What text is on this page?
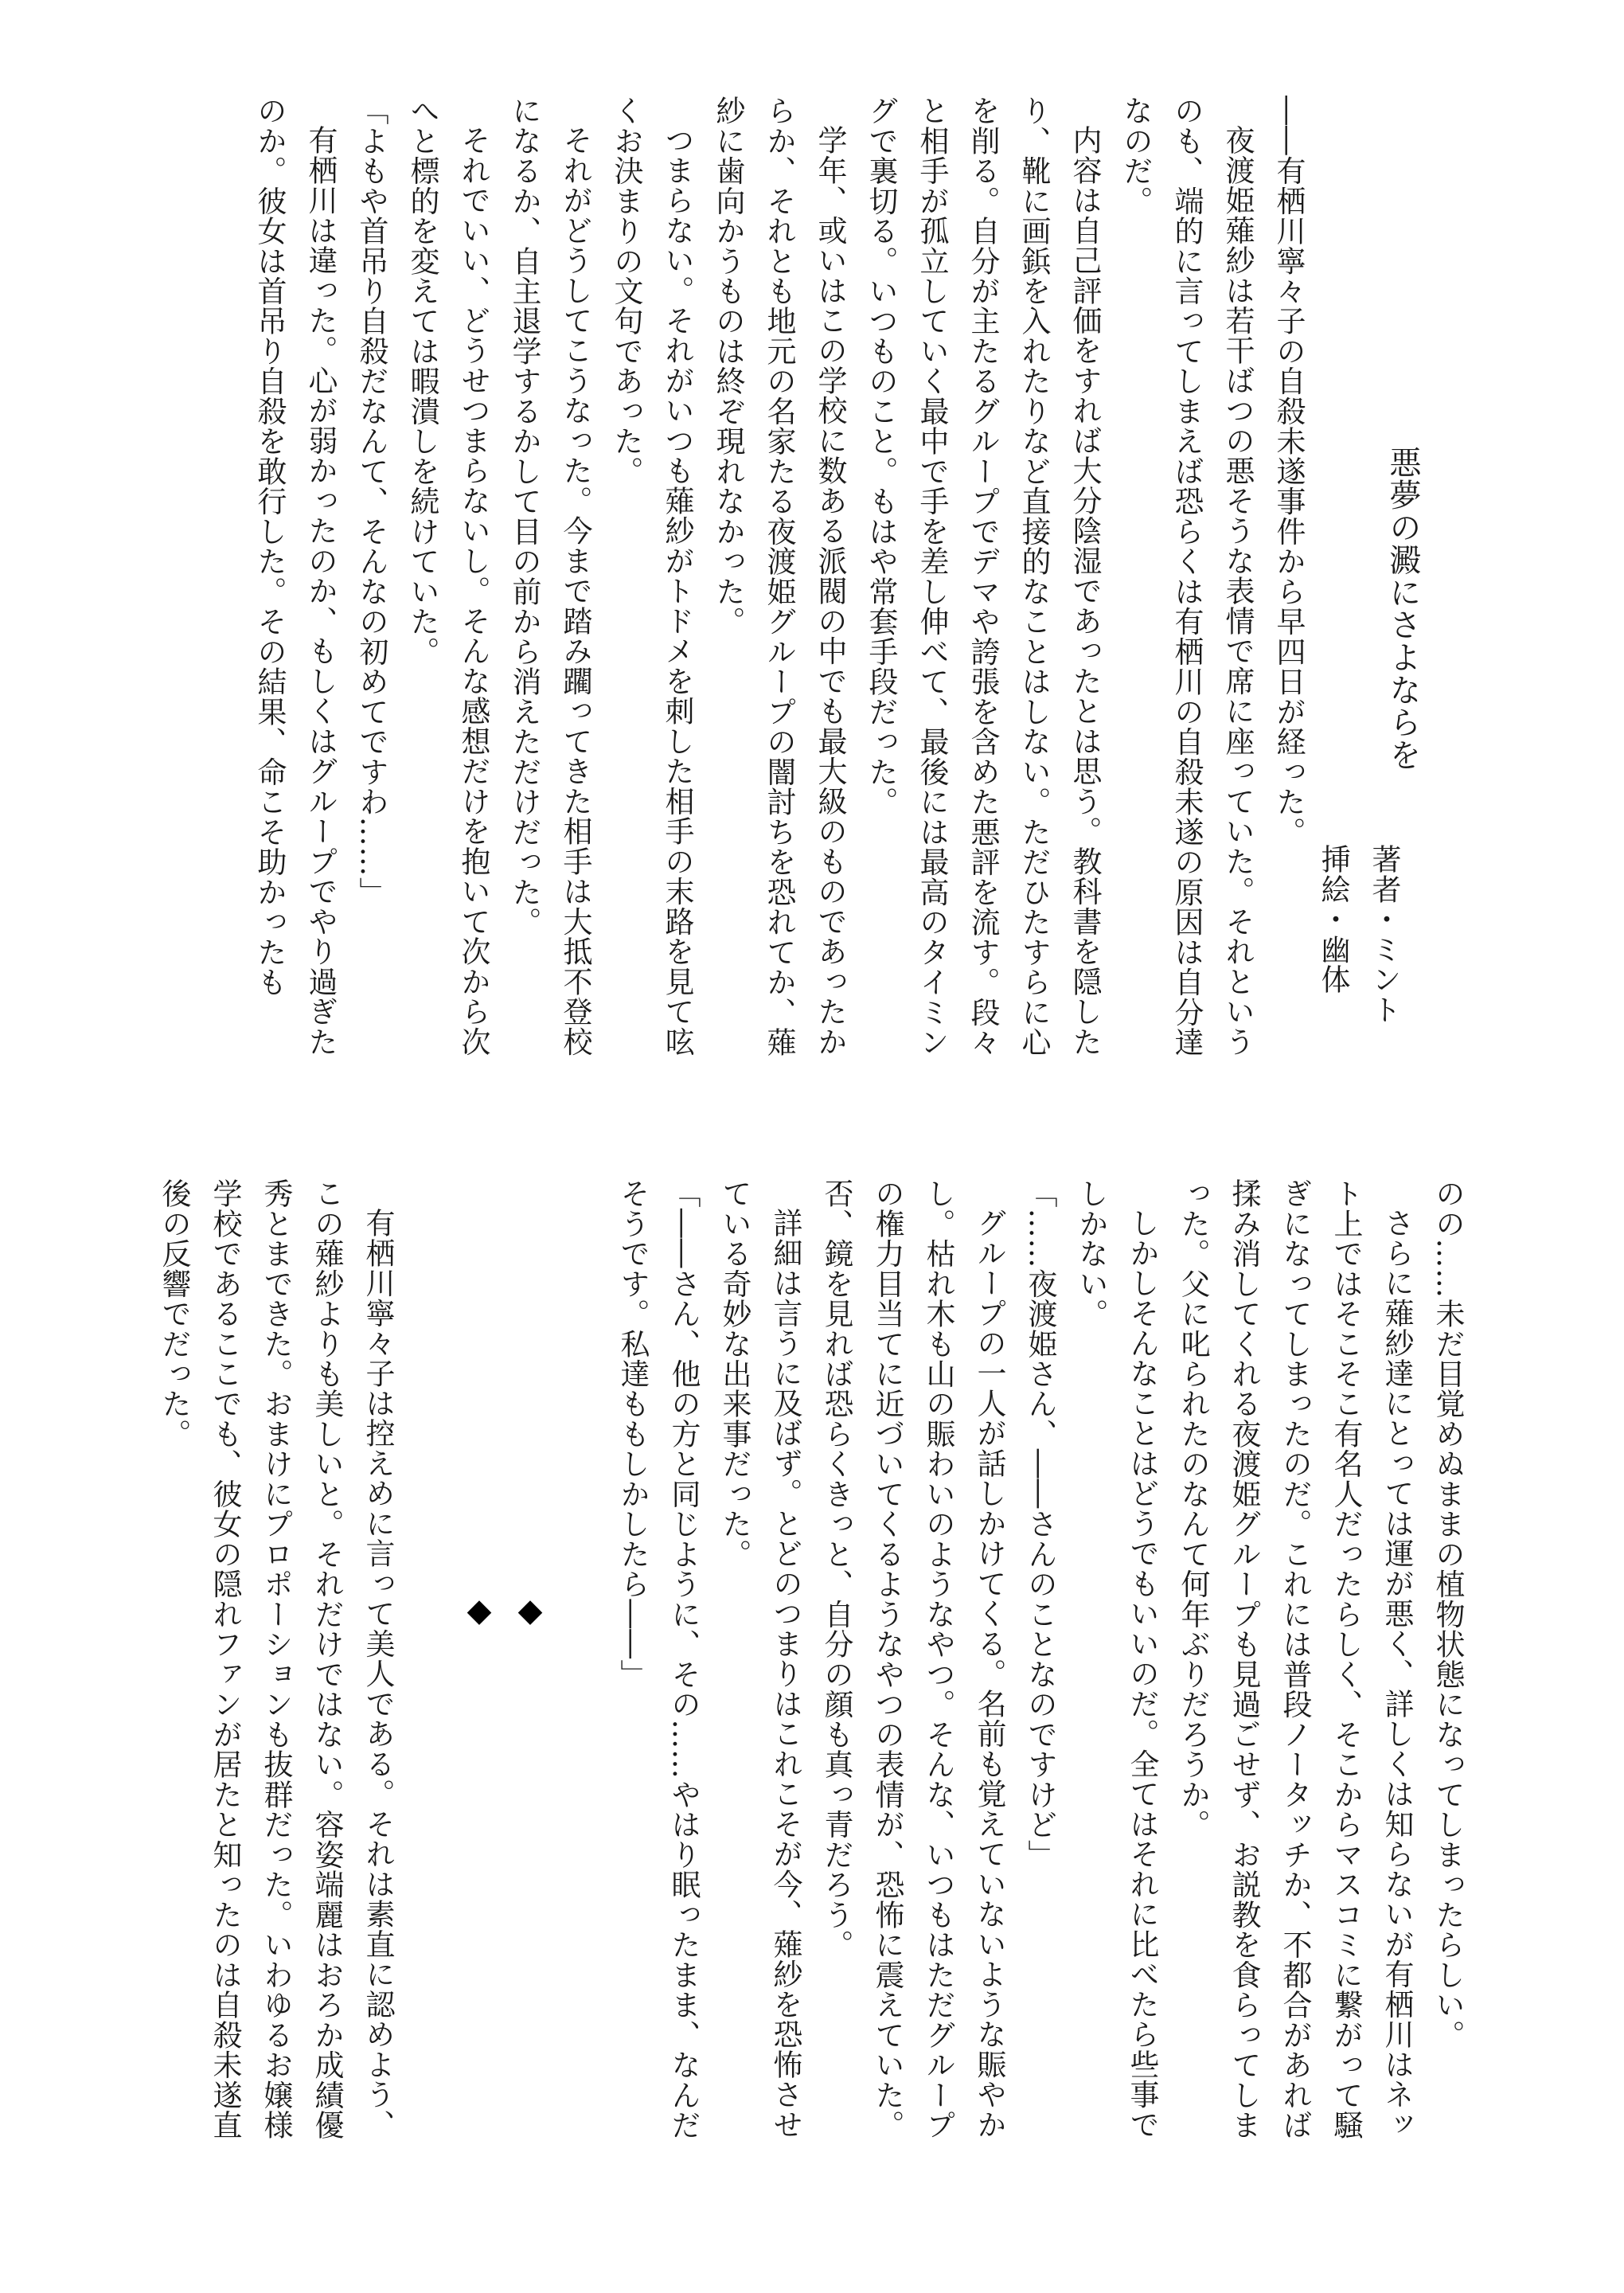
悪夢の澱にさよならを
著者・ミント
挿絵・幽体

――有栖川寧々子の自殺未遂事件から早四日が経った。

夜渡姫薙紗は若干ばつの悪そうな表情で席に座っていた。それというのも、端的に言ってしまえば恐らくは有栖川の自殺未遂の原因は自分達なのだ。

内容は自己評価をすれば大分陰湿であったとは思う。教科書を隠したり、靴に画鋲を入れたりなど直接的なことはしない。ただひたすらに心を削る。自分が主たるグループでデマや誇張を含めた悪評を流す。段々と相手が孤立していく最中で手を差し伸べて、最後には最高のタイミングで裏切る。いつものこと。もはや常套手段だった。

学年、或いはこの学校に数ある派閥の中でも最大級のものであったからか、それとも地元の名家たる夜渡姫グループの闇討ちを恐れてか、薙紗に歯向かうものは終ぞ現れなかった。

つまらない。それがいつも薙紗がトドメを刺した相手の末路を見て呟くお決まりの文句であった。

それがどうしてこうなった。今まで踏み躙ってきた相手は大抵不登校になるか、自主退学するかして目の前から消えただけだった。

それでいい、どうせつまらないし。そんな感想だけを抱いて次から次へと標的を変えては暇潰しを続けていた。

「よもや首吊り自殺だなんて、そんなの初めてですわ……」

有栖川は違った。心が弱かったのか、もしくはグループでやり過ぎたのか。彼女は首吊り自殺を敢行した。その結果、命こそ助かったも

のの……未だ目覚めぬままの植物状態になってしまったらしい。

さらに薙紗達にとっては運が悪く、詳しくは知らないが有栖川はネット上ではそこそこ有名人だったらしく、そこからマスコミに繋がって騒ぎになってしまったのだ。これには普段ノータッチか、不都合があれば揉み消してくれる夜渡姫グループも見過ごせず、お説教を食らってしまった。父に叱られたのなんて何年ぶりだろうか。

しかしそんなことはどうでもいいのだ。全てはそれに比べたら些事でしかない。

「……夜渡姫さん、――さんのことなのですけど」

グループの一人が話しかけてくる。名前も覚えていないような賑やかし。枯れ木も山の賑わいのようなやつ。そんな、いつもはただグループの権力目当てに近づいてくるようなやつの表情が、恐怖に震えていた。否、鏡を見れば恐らくきっと、自分の顔も真っ青だろう。

詳細は言うに及ばず。とどのつまりはこれこそが今、薙紗を恐怖させている奇妙な出来事だった。

「――さん、他の方と同じように、その……やはり眠ったまま、なんだそうです。私達ももしかしたら――」

◆
◆

有栖川寧々子は控えめに言って美人である。それは素直に認めよう、この薙紗よりも美しいと。それだけではない。容姿端麗はおろか成績優秀とまできた。おまけにプロポーションも抜群だった。いわゆるお嬢様学校であるここでも、彼女の隠れファンが居たと知ったのは自殺未遂直後の反響でだった。
